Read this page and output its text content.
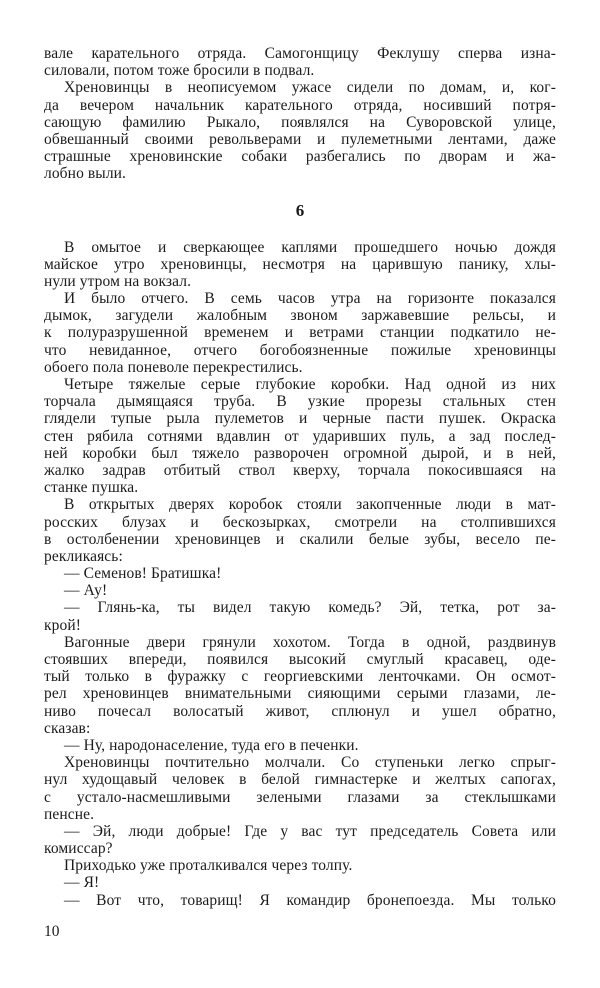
вале карательного отряда. Самогонщицу Феклушу сперва изна-
силовали, потом тоже бросили в подвал.
Хреновинцы в неописуемом ужасе сидели по домам, и, ког-
да вечером начальник карательного отряда, носивший потря-
сающую фамилию Рыкало, появлялся на Суворовской улице,
обвешанный своими револьверами и пулеметными лентами, даже
страшные хреновинские собаки разбегались по дворам и жа-
лобно выли.
6
В омытое и сверкающее каплями прошедшего ночью дождя
майское утро хреновинцы, несмотря на царившую панику, хлы-
нули утром на вокзал.
И было отчего. В семь часов утра на горизонте показался
дымок, загудели жалобным звоном заржавевшие рельсы, и
к полуразрушенной временем и ветрами станции подкатило не-
что невиданное, отчего богобоязненные пожилые хреновинцы
обоего пола поневоле перекрестились.
Четыре тяжелые серые глубокие коробки. Над одной из них
торчала дымящаяся труба. В узкие прорезы стальных стен
глядели тупые рыла пулеметов и черные пасти пушек. Окраска
стен рябила сотнями вдавлин от ударивших пуль, а зад послед-
ней коробки был тяжело разворочен огромной дырой, и в ней,
жалко задрав отбитый ствол кверху, торчала покосившаяся на
станке пушка.
В открытых дверях коробок стояли закопченные люди в мат-
росских блузах и бескозырках, смотрели на столпившихся
в остолбенении хреновинцев и скалили белые зубы, весело пе-
рекликаясь:
— Семенов! Братишка!
— Ау!
— Глянь-ка, ты видел такую комедь? Эй, тетка, рот за-
крой!
Вагонные двери грянули хохотом. Тогда в одной, раздвинув
стоявших впереди, появился высокий смуглый красавец, оде-
тый только в фуражку с георгиевскими ленточками. Он осмот-
рел хреновинцев внимательными сияющими серыми глазами, ле-
ниво почесал волосатый живот, сплюнул и ушел обратно,
сказав:
— Ну, народонаселение, туда его в печенки.
Хреновинцы почтительно молчали. Со ступеньки легко спрыг-
нул худощавый человек в белой гимнастерке и желтых сапогах,
с устало-насмешливыми зелеными глазами за стеклышками
пенсне.
— Эй, люди добрые! Где у вас тут председатель Совета или
комиссар?
Приходько уже проталкивался через толпу.
— Я!
— Вот что, товарищ! Я командир бронепоезда. Мы только
10
